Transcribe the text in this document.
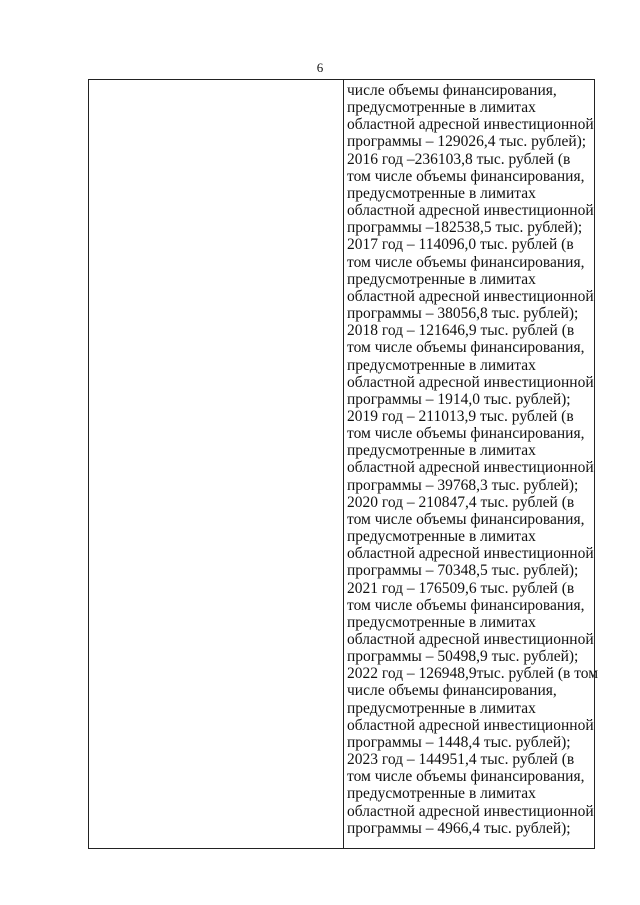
6

числе объемы финансирования,
предусмотренные в лимитах
областной адресной инвестиционной
программы – 129026,4 тыс. рублей);
2016 год –236103,8 тыс. рублей (в
том числе объемы финансирования,
предусмотренные в лимитах
областной адресной инвестиционной
программы –182538,5 тыс. рублей);
2017 год – 114096,0 тыс. рублей (в
том числе объемы финансирования,
предусмотренные в лимитах
областной адресной инвестиционной
программы – 38056,8 тыс. рублей);
2018 год – 121646,9 тыс. рублей (в
том числе объемы финансирования,
предусмотренные в лимитах
областной адресной инвестиционной
программы – 1914,0 тыс. рублей);
2019 год – 211013,9 тыс. рублей (в
том числе объемы финансирования,
предусмотренные в лимитах
областной адресной инвестиционной
программы – 39768,3 тыс. рублей);
2020 год – 210847,4 тыс. рублей (в
том числе объемы финансирования,
предусмотренные в лимитах
областной адресной инвестиционной
программы – 70348,5 тыс. рублей);
2021 год – 176509,6 тыс. рублей (в
том числе объемы финансирования,
предусмотренные в лимитах
областной адресной инвестиционной
программы – 50498,9 тыс. рублей);
2022 год – 126948,9тыс. рублей (в том
числе объемы финансирования,
предусмотренные в лимитах
областной адресной инвестиционной
программы – 1448,4 тыс. рублей);
2023 год – 144951,4 тыс. рублей (в
том числе объемы финансирования,
предусмотренные в лимитах
областной адресной инвестиционной
программы – 4966,4 тыс. рублей);
